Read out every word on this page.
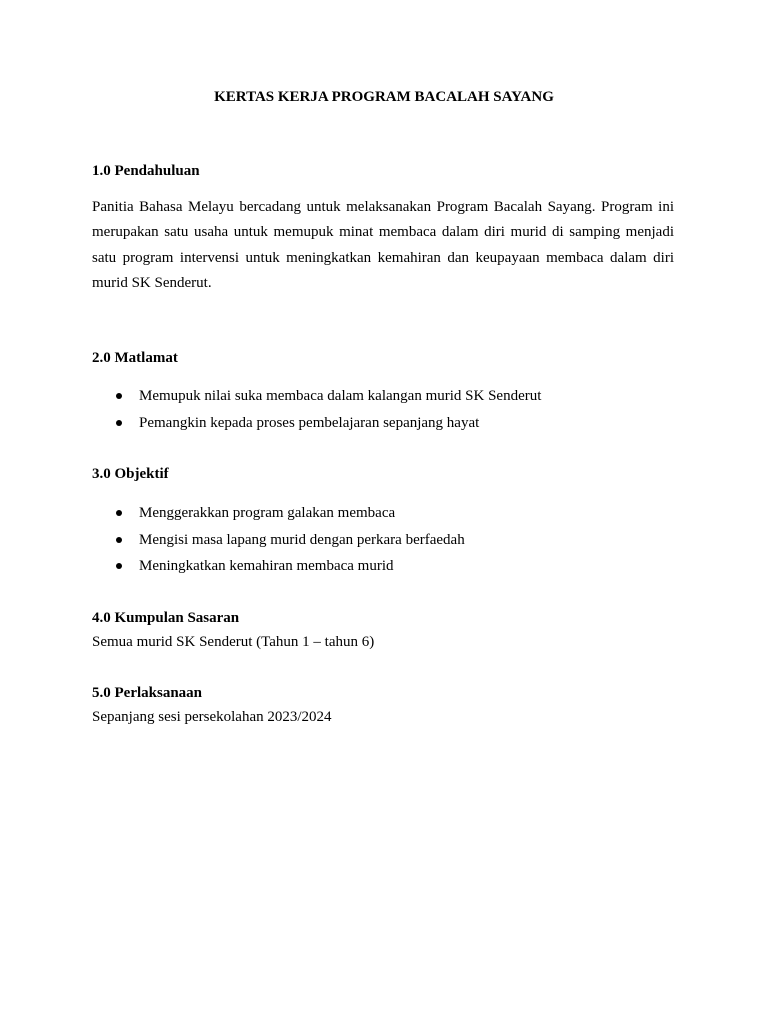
KERTAS KERJA PROGRAM BACALAH SAYANG
1.0 Pendahuluan

Panitia Bahasa Melayu bercadang untuk melaksanakan Program Bacalah Sayang. Program ini merupakan satu usaha untuk memupuk minat membaca dalam diri murid di samping menjadi satu program intervensi untuk meningkatkan kemahiran dan keupayaan membaca dalam diri murid SK Senderut.

2.0 Matlamat
Memupuk nilai suka membaca dalam kalangan murid SK Senderut
Pemangkin kepada proses pembelajaran sepanjang hayat
3.0 Objektif
Menggerakkan program galakan membaca
Mengisi masa lapang murid dengan perkara berfaedah
Meningkatkan kemahiran membaca murid
4.0 Kumpulan Sasaran
Semua murid SK Senderut (Tahun 1 – tahun 6)
5.0 Perlaksanaan
Sepanjang sesi persekolahan 2023/2024
